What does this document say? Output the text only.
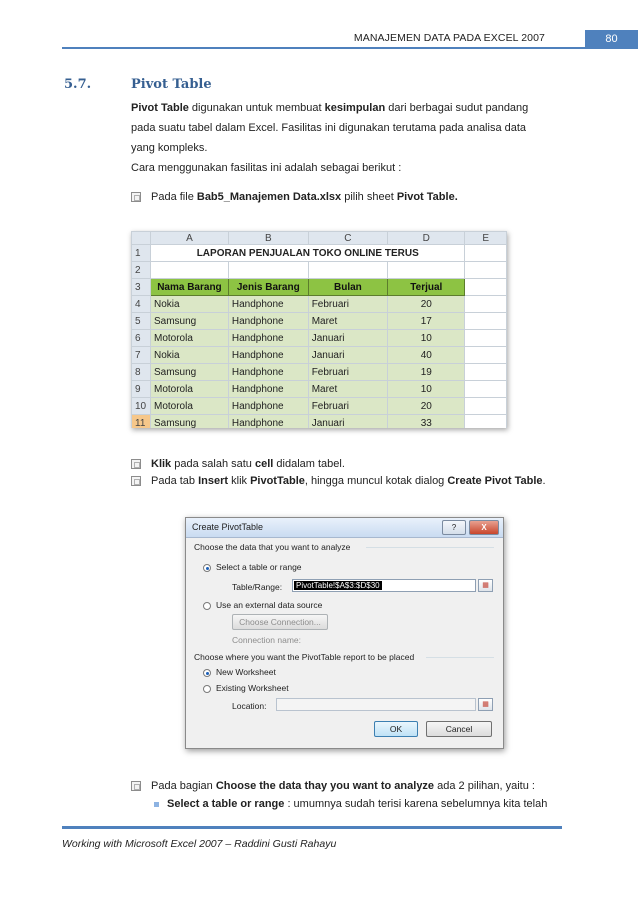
MANAJEMEN DATA PADA EXCEL 2007	80
5.7.	Pivot Table
Pivot Table digunakan untuk membuat kesimpulan dari berbagai sudut pandang pada suatu tabel dalam Excel. Fasilitas ini digunakan terutama pada analisa data yang kompleks.
Cara menggunakan fasilitas ini adalah sebagai berikut :
Pada file Bab5_Manajemen Data.xlsx pilih sheet Pivot Table.
	A	B	C	D	E
1	LAPORAN PENJUALAN TOKO ONLINE TERUS				
2					
3	Nama Barang	Jenis Barang	Bulan	Terjual	
4	Nokia	Handphone	Februari	20	
5	Samsung	Handphone	Maret	17	
6	Motorola	Handphone	Januari	10	
7	Nokia	Handphone	Januari	40	
8	Samsung	Handphone	Februari	19	
9	Motorola	Handphone	Maret	10	
10	Motorola	Handphone	Februari	20	
11	Samsung	Handphone	Januari	33	
Klik pada salah satu cell didalam tabel.
Pada tab Insert klik PivotTable, hingga muncul kotak dialog Create Pivot Table.
Create PivotTable	?	X
Choose the data that you want to analyze
Select a table or range
Table/Range: PivotTable!$A$3:$D$30	▦
Use an external data source
Choose Connection...
Connection name:
Choose where you want the PivotTable report to be placed
New Worksheet
Existing Worksheet
Location:	▦
OK	Cancel
Pada bagian Choose the data thay you want to analyze ada 2 pilihan, yaitu :
Select a table or range : umumnya sudah terisi karena sebelumnya kita telah
Working with Microsoft Excel 2007 – Raddini Gusti Rahayu
